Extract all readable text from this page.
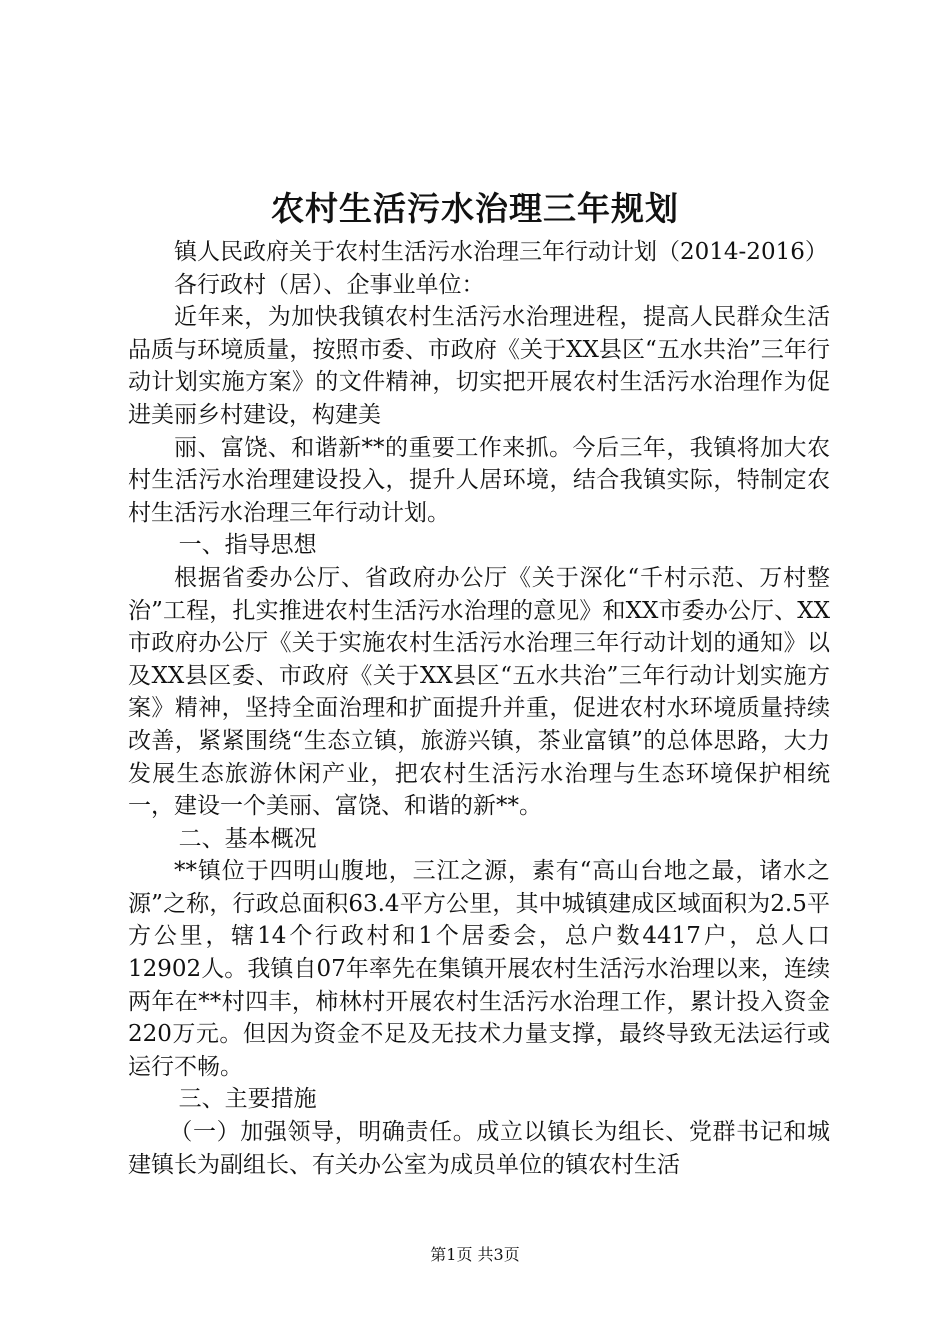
农村生活污水治理三年规划

镇人民政府关于农村生活污水治理三年行动计划（2014-2016）

各行政村（居）、企事业单位：

近年来，为加快我镇农村生活污水治理进程，提高人民群众生活品质与环境质量，按照市委、市政府《关于XX县区“五水共治”三年行动计划实施方案》的文件精神，切实把开展农村生活污水治理作为促进美丽乡村建设，构建美

丽、富饶、和谐新**的重要工作来抓。今后三年，我镇将加大农村生活污水治理建设投入，提升人居环境，结合我镇实际，特制定农村生活污水治理三年行动计划。

一、指导思想

根据省委办公厅、省政府办公厅《关于深化“千村示范、万村整治”工程，扎实推进农村生活污水治理的意见》和XX市委办公厅、XX市政府办公厅《关于实施农村生活污水治理三年行动计划的通知》以及XX县区委、市政府《关于XX县区“五水共治”三年行动计划实施方案》精神，坚持全面治理和扩面提升并重，促进农村水环境质量持续改善，紧紧围绕“生态立镇，旅游兴镇，茶业富镇”的总体思路，大力发展生态旅游休闲产业，把农村生活污水治理与生态环境保护相统一，建设一个美丽、富饶、和谐的新**。

二、基本概况

**镇位于四明山腹地，三江之源，素有“高山台地之最，诸水之源”之称，行政总面积63.4平方公里，其中城镇建成区域面积为2.5平方公里，辖14个行政村和1个居委会，总户数4417户，总人口12902人。我镇自07年率先在集镇开展农村生活污水治理以来，连续两年在**村四丰，柿林村开展农村生活污水治理工作，累计投入资金220万元。但因为资金不足及无技术力量支撑，最终导致无法运行或运行不畅。

三、主要措施

（一）加强领导，明确责任。成立以镇长为组长、党群书记和城建镇长为副组长、有关办公室为成员单位的镇农村生活

第1页 共3页
